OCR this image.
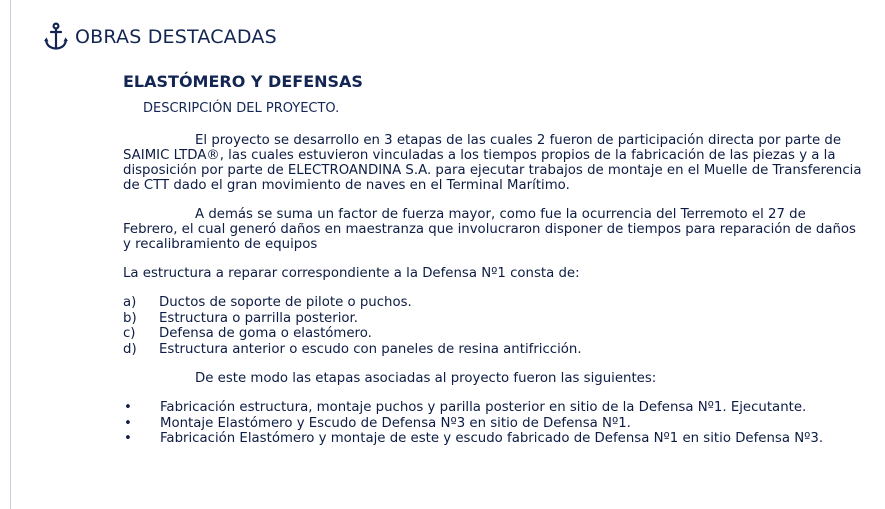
OBRAS DESTACADAS
ELASTÓMERO Y DEFENSAS
DESCRIPCIÓN DEL PROYECTO.

El proyecto se desarrollo en 3 etapas de las cuales 2 fueron de participación directa por parte de SAIMIC LTDA®, las cuales estuvieron vinculadas a los tiempos propios de la fabricación de las piezas y a la disposición por parte de ELECTROANDINA S.A. para ejecutar trabajos de montaje en el Muelle de Transferencia de CTT dado el gran movimiento de naves en el Terminal Marítimo.

A demás se suma un factor de fuerza mayor, como fue la ocurrencia del Terremoto el 27 de Febrero, el cual generó daños en maestranza que involucraron disponer de tiempos para reparación de daños y recalibramiento de equipos

La estructura a reparar correspondiente a la Defensa Nº1 consta de:

a)	Ductos de soporte de pilote o puchos.
b)	Estructura o parrilla posterior.
c)	Defensa de goma o elastómero.
d)	Estructura anterior o escudo con paneles de resina antifricción.

De este modo las etapas asociadas al proyecto fueron las siguientes:

•	Fabricación estructura, montaje puchos y parilla posterior en sitio de la Defensa Nº1. Ejecutante.
•	Montaje Elastómero y Escudo de Defensa Nº3 en sitio de Defensa Nº1.
•	Fabricación Elastómero y montaje de este y escudo fabricado de Defensa Nº1 en sitio Defensa Nº3.
